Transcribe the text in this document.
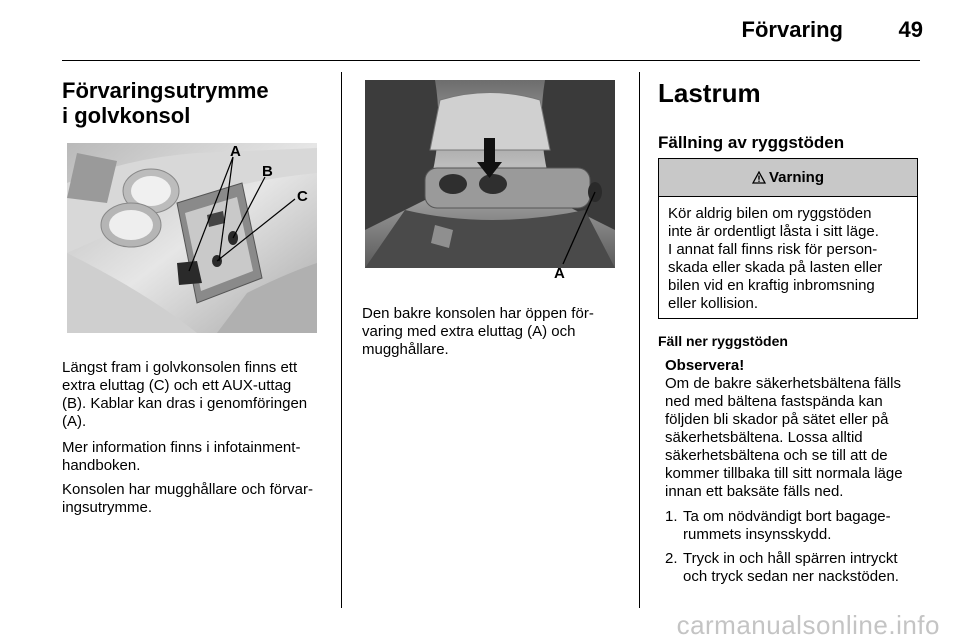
Förvaring	49
Förvaringsutrymme
i golvkonsol
A
B
C
Längst fram i golvkonsolen finns ett
extra eluttag (C) och ett AUX-uttag
(B). Kablar kan dras i genomföringen
(A).
Mer information finns i infotainment-
handboken.
Konsolen har mugghållare och förvar-
ingsutrymme.
A
Den bakre konsolen har öppen för-
varing med extra eluttag (A) och
mugghållare.
Lastrum
Fällning av ryggstöden
Varning
Kör aldrig bilen om ryggstöden
inte är ordentligt låsta i sitt läge.
I annat fall finns risk för person-
skada eller skada på lasten eller
bilen vid en kraftig inbromsning
eller kollision.
Fäll ner ryggstöden
Observera!
Om de bakre säkerhetsbältena fälls
ned med bältena fastspända kan
följden bli skador på sätet eller på
säkerhetsbältena. Lossa alltid
säkerhetsbältena och se till att de
kommer tillbaka till sitt normala läge
innan ett baksäte fälls ned.
1. Ta om nödvändigt bort bagage-
rummets insynsskydd.
2. Tryck in och håll spärren intryckt
och tryck sedan ner nackstöden.
carmanualsonline.info
